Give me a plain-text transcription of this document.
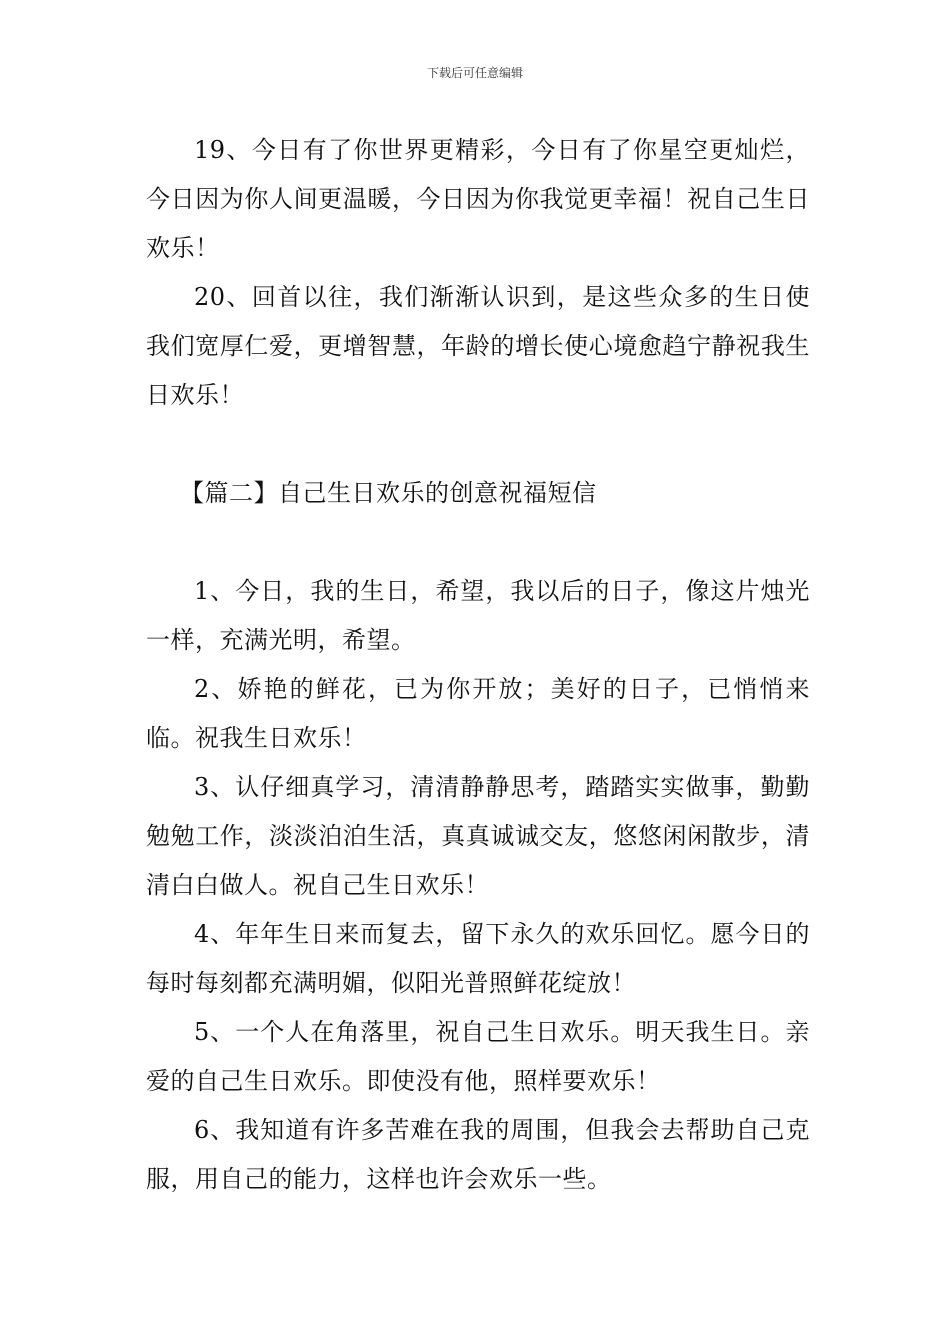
下载后可任意编辑

19、今日有了你世界更精彩，今日有了你星空更灿烂，今日因为你人间更温暖，今日因为你我觉更幸福！祝自己生日欢乐！

20、回首以往，我们渐渐认识到，是这些众多的生日使我们宽厚仁爱，更增智慧，年龄的增长使心境愈趋宁静祝我生日欢乐！

【篇二】自己生日欢乐的创意祝福短信

1、今日，我的生日，希望，我以后的日子，像这片烛光一样，充满光明，希望。

2、娇艳的鲜花，已为你开放；美好的日子，已悄悄来临。祝我生日欢乐！

3、认仔细真学习，清清静静思考，踏踏实实做事，勤勤勉勉工作，淡淡泊泊生活，真真诚诚交友，悠悠闲闲散步，清清白白做人。祝自己生日欢乐！

4、年年生日来而复去，留下永久的欢乐回忆。愿今日的每时每刻都充满明媚，似阳光普照鲜花绽放！

5、一个人在角落里，祝自己生日欢乐。明天我生日。亲爱的自己生日欢乐。即使没有他，照样要欢乐！

6、我知道有许多苦难在我的周围，但我会去帮助自己克服，用自己的能力，这样也许会欢乐一些。
